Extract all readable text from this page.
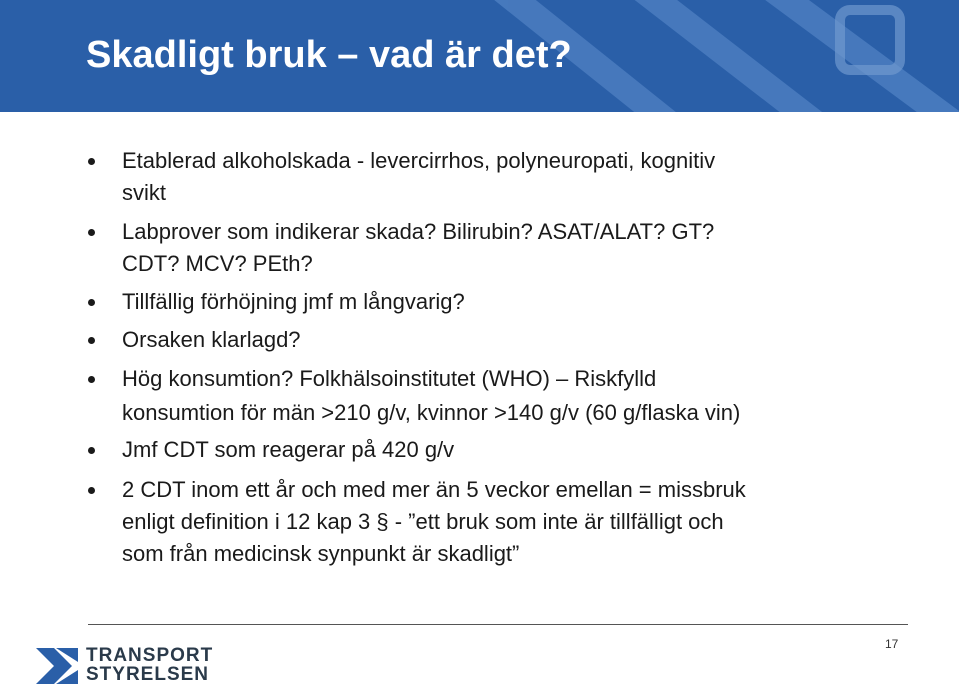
Skadligt bruk – vad är det?
Etablerad alkoholskada - levercirrhos, polyneuropati, kognitiv
svikt
Labprover som indikerar skada? Bilirubin? ASAT/ALAT? GT?
CDT? MCV? PEth?
Tillfällig förhöjning jmf m långvarig?
Orsaken klarlagd?
Hög konsumtion? Folkhälsoinstitutet (WHO) – Riskfylld
konsumtion för män >210 g/v, kvinnor >140 g/v (60 g/flaska vin)
Jmf CDT som reagerar på 420 g/v
2 CDT inom ett år och med mer än 5 veckor emellan = missbruk
enligt definition i 12 kap 3 § - ”ett bruk som inte är tillfälligt och
som från medicinsk synpunkt är skadligt”
17
TRANSPORT
STYRELSEN
